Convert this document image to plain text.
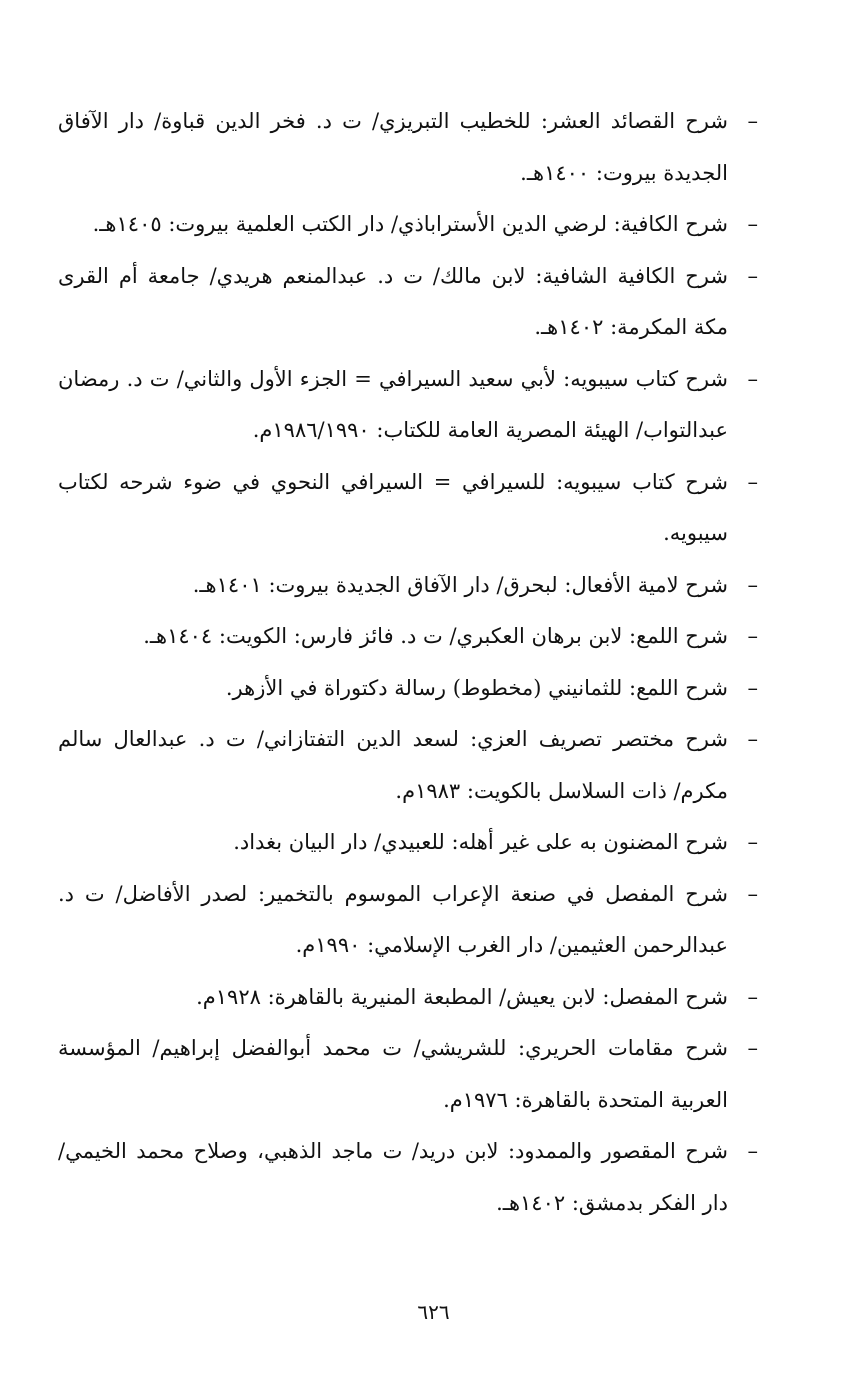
–
شرح القصائد العشر: للخطيب التبريزي/ ت د. فخر الدين قباوة/ دار الآفاق الجديدة بيروت: ١٤٠٠هـ.
–
شرح الكافية: لرضي الدين الأستراباذي/ دار الكتب العلمية بيروت: ١٤٠٥هـ.
–
شرح الكافية الشافية: لابن مالك/ ت د. عبدالمنعم هريدي/ جامعة أم القرى مكة المكرمة: ١٤٠٢هـ.
–
شرح كتاب سيبويه: لأبي سعيد السيرافي = الجزء الأول والثاني/ ت د. رمضان عبدالتواب/ الهيئة المصرية العامة للكتاب: ١٩٨٦/١٩٩٠م.
–
شرح كتاب سيبويه: للسيرافي = السيرافي النحوي في ضوء شرحه لكتاب سيبويه.
–
شرح لامية الأفعال: لبحرق/ دار الآفاق الجديدة بيروت: ١٤٠١هـ.
–
شرح اللمع: لابن برهان العكبري/ ت د. فائز فارس: الكويت: ١٤٠٤هـ.
–
شرح اللمع: للثمانيني (مخطوط) رسالة دكتوراة في الأزهر.
–
شرح مختصر تصريف العزي: لسعد الدين التفتازاني/ ت د. عبدالعال سالم مكرم/ ذات السلاسل بالكويت: ١٩٨٣م.
–
شرح المضنون به على غير أهله: للعبيدي/ دار البيان بغداد.
–
شرح المفصل في صنعة الإعراب الموسوم بالتخمير: لصدر الأفاضل/ ت د. عبدالرحمن العثيمين/ دار الغرب الإسلامي: ١٩٩٠م.
–
شرح المفصل: لابن يعيش/ المطبعة المنيرية بالقاهرة: ١٩٢٨م.
–
شرح مقامات الحريري: للشريشي/ ت محمد أبوالفضل إبراهيم/ المؤسسة العربية المتحدة بالقاهرة: ١٩٧٦م.
–
شرح المقصور والممدود: لابن دريد/ ت ماجد الذهبي، وصلاح محمد الخيمي/ دار الفكر بدمشق: ١٤٠٢هـ.
٦٢٦
